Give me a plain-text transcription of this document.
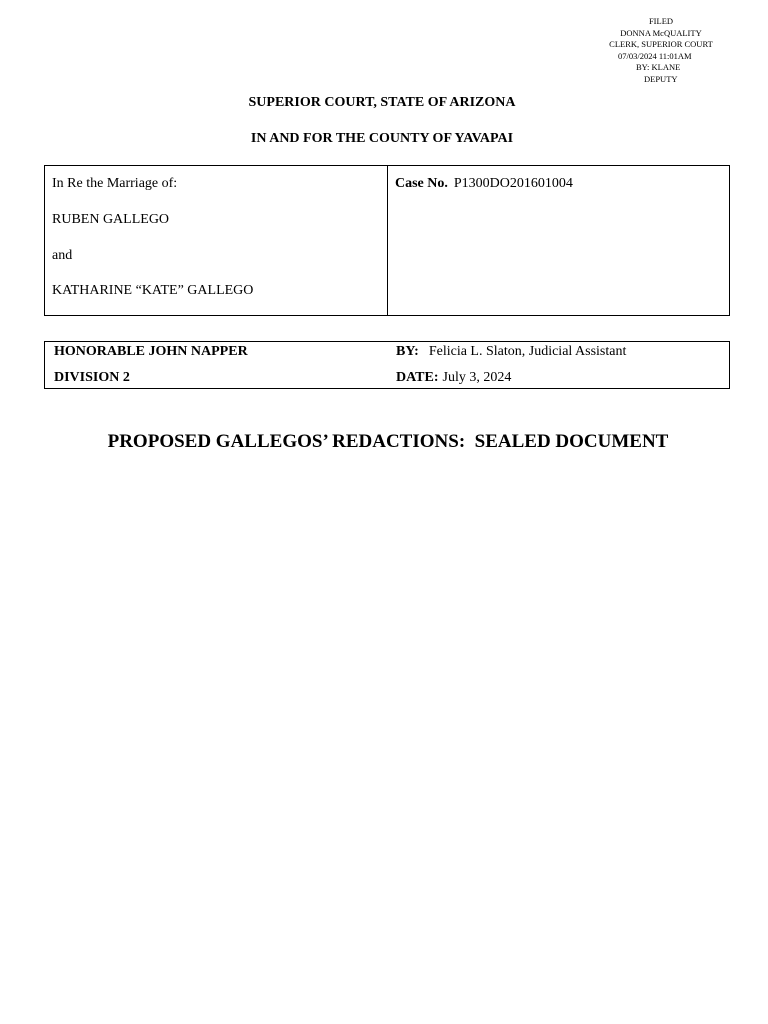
FILED
DONNA McQUALITY
CLERK, SUPERIOR COURT
07/03/2024 11:01AM
BY: KLANE
DEPUTY
SUPERIOR COURT, STATE OF ARIZONA
IN AND FOR THE COUNTY OF YAVAPAI
In Re the Marriage of:
RUBEN GALLEGO
and
KATHARINE “KATE” GALLEGO
Case No. P1300DO201601004
HONORABLE JOHN NAPPER
DIVISION 2
BY: Felicia L. Slaton, Judicial Assistant
DATE: July 3, 2024
PROPOSED GALLEGOS’ REDACTIONS:  SEALED DOCUMENT
